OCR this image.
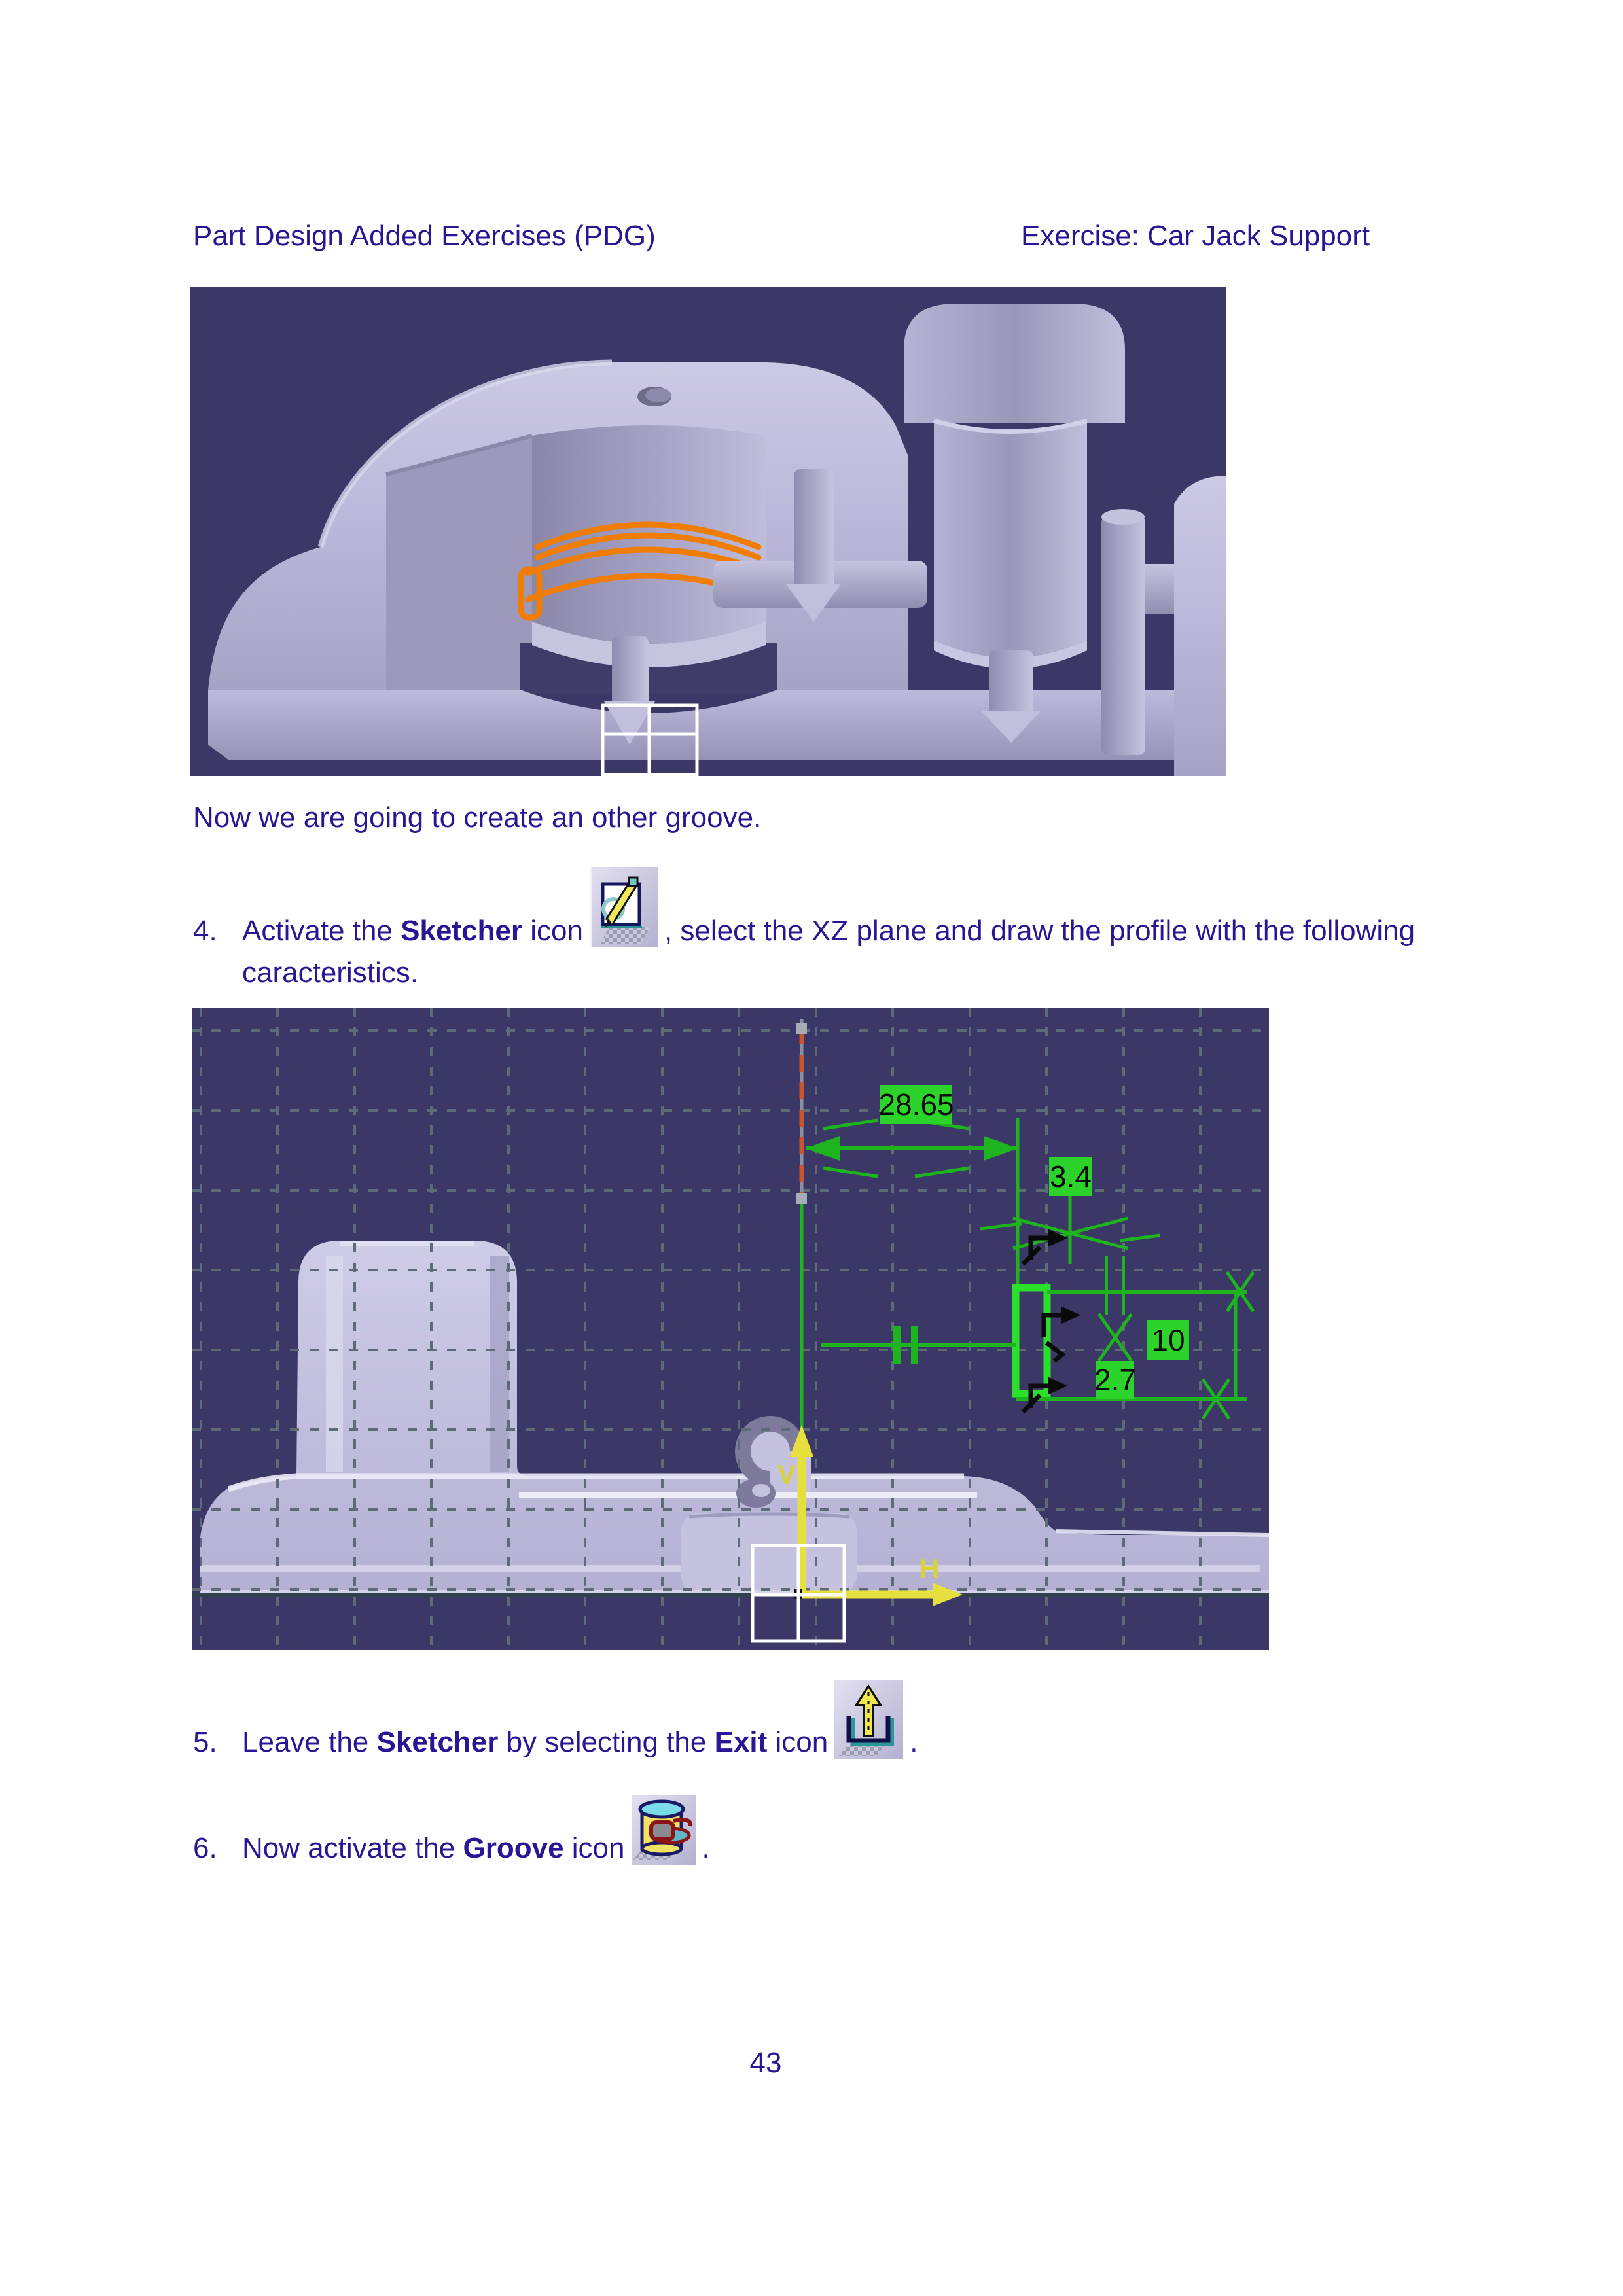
Part Design Added Exercises (PDG)	Exercise: Car Jack Support
Now we are going to create an other groove.
4. Activate the Sketcher icon	, select the XZ plane and draw the profile with the following
caracteristics.
28.65
3.4
10
2.7
V
H
5. Leave the Sketcher by selecting the Exit icon	.
6. Now activate the Groove icon	.
43
